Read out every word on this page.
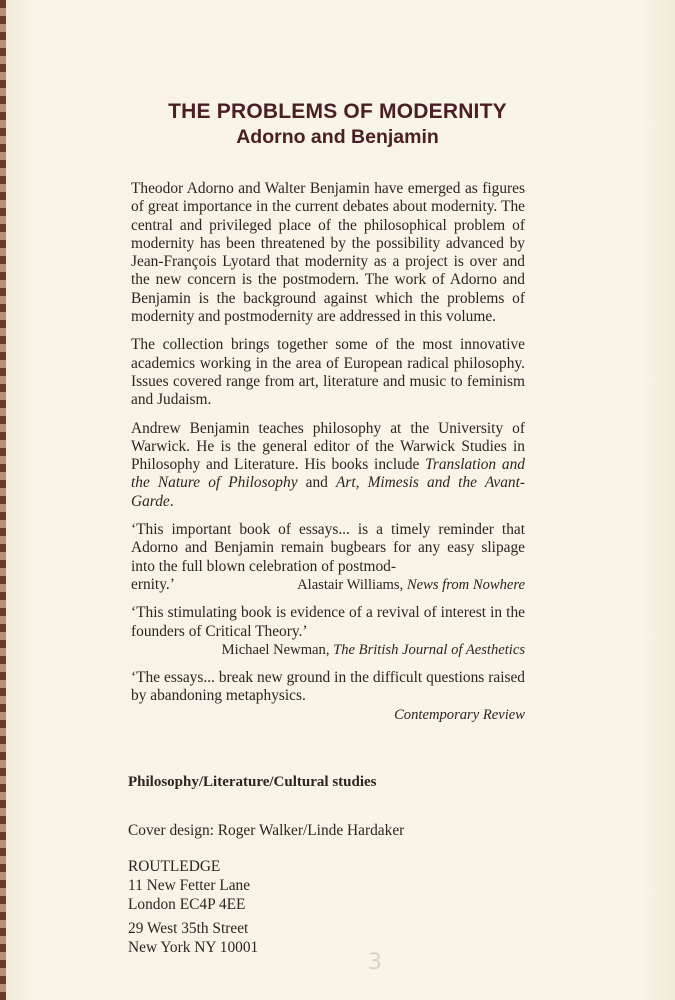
THE PROBLEMS OF MODERNITY
Adorno and Benjamin

Theodor Adorno and Walter Benjamin have emerged as figures of great importance in the current debates about modernity. The central and privileged place of the philosophical problem of modernity has been threatened by the possibility advanced by Jean-François Lyotard that modernity as a project is over and the new concern is the postmodern. The work of Adorno and Benjamin is the background against which the problems of modernity and postmodernity are addressed in this volume.

The collection brings together some of the most innovative academics working in the area of European radical philosophy. Issues covered range from art, literature and music to feminism and Judaism.

Andrew Benjamin teaches philosophy at the University of Warwick. He is the general editor of the Warwick Studies in Philosophy and Literature. His books include Translation and the Nature of Philosophy and Art, Mimesis and the Avant-Garde.

‘This important book of essays... is a timely reminder that Adorno and Benjamin remain bugbears for any easy slipage into the full blown celebration of postmod-

ernity.’	Alastair Williams, News from Nowhere

‘This stimulating book is evidence of a revival of interest in the founders of Critical Theory.’

Michael Newman, The British Journal of Aesthetics

‘The essays... break new ground in the difficult questions raised by abandoning metaphysics.

Contemporary Review
Philosophy/Literature/Cultural studies
Cover design: Roger Walker/Linde Hardaker
ROUTLEDGE
11 New Fetter Lane
London EC4P 4EE
29 West 35th Street
New York NY 10001
3
